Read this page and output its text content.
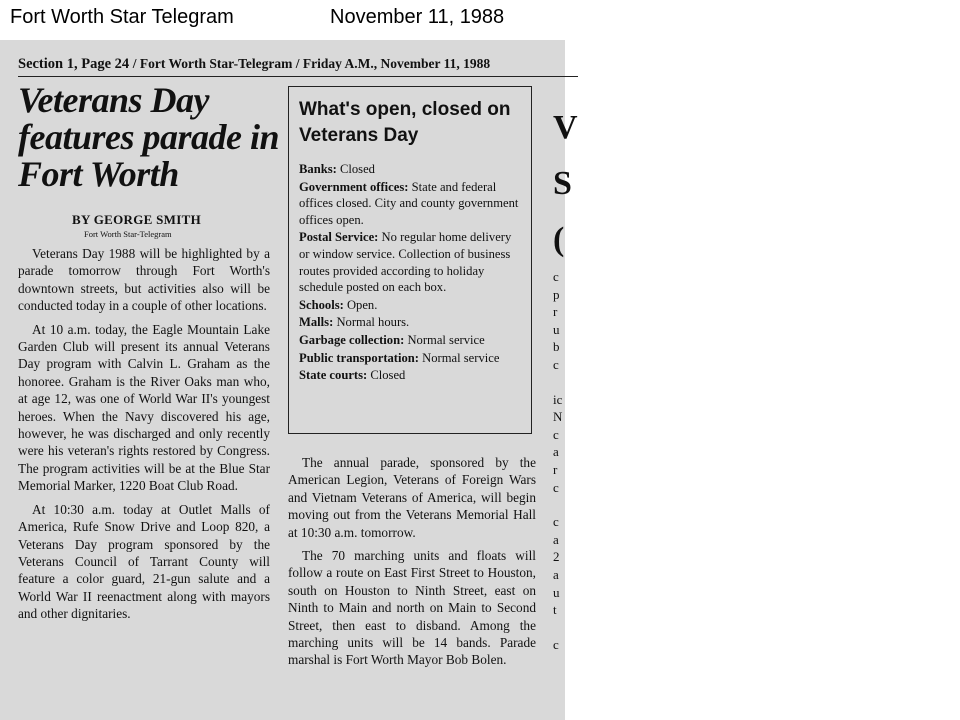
Fort Worth Star Telegram	November 11, 1988
Section 1, Page 24 / Fort Worth Star-Telegram / Friday A.M., November 11, 1988
Veterans Day features parade in Fort Worth
BY GEORGE SMITH
Fort Worth Star-Telegram

Veterans Day 1988 will be highlighted by a parade tomorrow through Fort Worth's downtown streets, but activities also will be conducted today in a couple of other locations.

At 10 a.m. today, the Eagle Mountain Lake Garden Club will present its annual Veterans Day program with Calvin L. Graham as the honoree. Graham is the River Oaks man who, at age 12, was one of World War II's youngest heroes. When the Navy discovered his age, however, he was discharged and only recently were his veteran's rights restored by Congress. The program activities will be at the Blue Star Memorial Marker, 1220 Boat Club Road.

At 10:30 a.m. today at Outlet Malls of America, Rufe Snow Drive and Loop 820, a Veterans Day program sponsored by the Veterans Council of Tarrant County will feature a color guard, 21-gun salute and a World War II reenactment along with mayors and other dignitaries.

What's open, closed on Veterans Day
Banks: Closed
Government offices: State and federal offices closed. City and county government offices open.
Postal Service: No regular home delivery or window service. Collection of business routes provided according to holiday schedule posted on each box.
Schools: Open.
Malls: Normal hours.
Garbage collection: Normal service
Public transportation: Normal service
State courts: Closed

The annual parade, sponsored by the American Legion, Veterans of Foreign Wars and Vietnam Veterans of America, will begin moving out from the Veterans Memorial Hall at 10:30 a.m. tomorrow.

The 70 marching units and floats will follow a route on East First Street to Houston, south on Houston to Ninth Street, east on Ninth to Main and north on Main to Second Street, then east to disband. Among the marching units will be 14 bands. Parade marshal is Fort Worth Mayor Bob Bolen.

V
S
(
c
p
r
u
b
c
ic
N
c
a
r
c
c
a
2
a
u
t
c
